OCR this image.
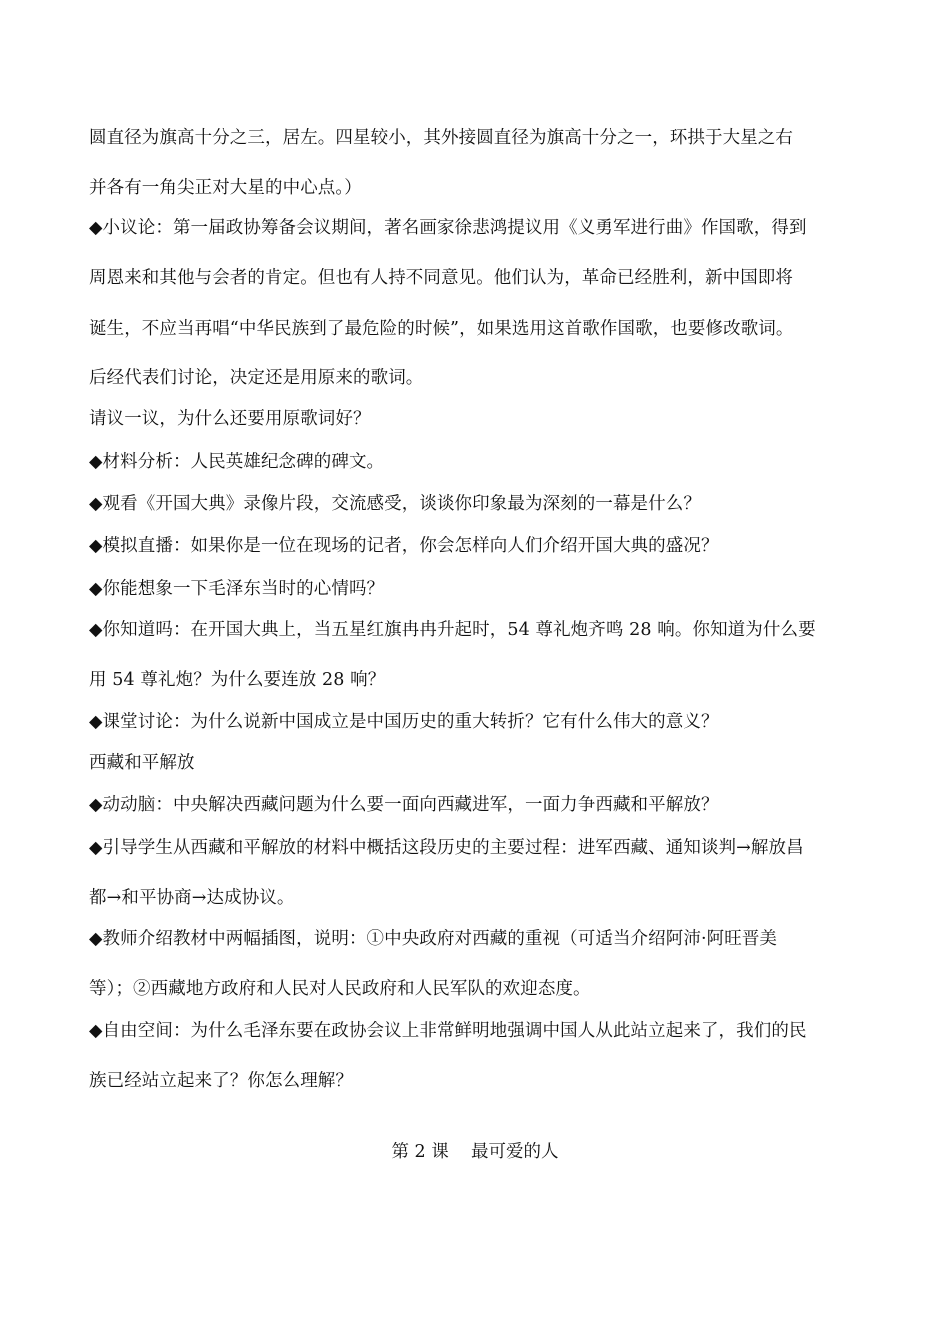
圆直径为旗高十分之三，居左。四星较小，其外接圆直径为旗高十分之一，环拱于大星之右
并各有一角尖正对大星的中心点。）
◆小议论：第一届政协筹备会议期间，著名画家徐悲鸿提议用《义勇军进行曲》作国歌，得到
周恩来和其他与会者的肯定。但也有人持不同意见。他们认为，革命已经胜利，新中国即将
诞生，不应当再唱“中华民族到了最危险的时候”，如果选用这首歌作国歌，也要修改歌词。
后经代表们讨论，决定还是用原来的歌词。
请议一议，为什么还要用原歌词好？
◆材料分析：人民英雄纪念碑的碑文。
◆观看《开国大典》录像片段，交流感受，谈谈你印象最为深刻的一幕是什么？
◆模拟直播：如果你是一位在现场的记者，你会怎样向人们介绍开国大典的盛况？
◆你能想象一下毛泽东当时的心情吗？
◆你知道吗：在开国大典上，当五星红旗冉冉升起时，54 尊礼炮齐鸣 28 响。你知道为什么要
用 54 尊礼炮？为什么要连放 28 响？
◆课堂讨论：为什么说新中国成立是中国历史的重大转折？它有什么伟大的意义？
西藏和平解放
◆动动脑：中央解决西藏问题为什么要一面向西藏进军，一面力争西藏和平解放？
◆引导学生从西藏和平解放的材料中概括这段历史的主要过程：进军西藏、通知谈判→解放昌
都→和平协商→达成协议。
◆教师介绍教材中两幅插图，说明：①中央政府对西藏的重视（可适当介绍阿沛·阿旺晋美
等）；②西藏地方政府和人民对人民政府和人民军队的欢迎态度。
◆自由空间：为什么毛泽东要在政协会议上非常鲜明地强调中国人从此站立起来了，我们的民
族已经站立起来了？你怎么理解？
第 2 课    最可爱的人
